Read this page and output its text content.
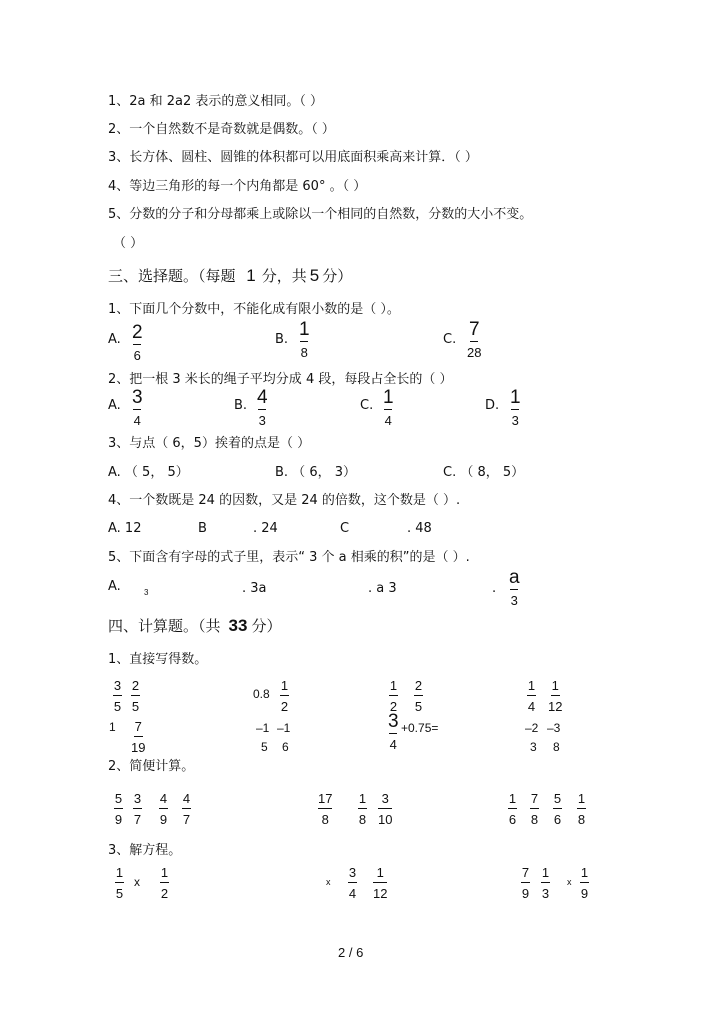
1、2a 和 2a2 表示的意义相同。（ ）
2、一个自然数不是奇数就是偶数。（ ）
3、长方体、圆柱、圆锥的体积都可以用底面积乘高来计算．（ ）
4、等边三角形的每一个内角都是 60° 。（ ）
5、分数的分子和分母都乘上或除以一个相同的自然数，分数的大小不变。
（ ）
三、选择题。（每题 1 分，共 5 分）
1、下面几个分数中，不能化成有限小数的是（ ）。
A. 2
6
B. 1
8
C. 7
28
2、把一根 3 米长的绳子平均分成 4 段，每段占全长的（ ）
A. 3
4
B. 4
3
C. 1
4
D. 1
3
3、与点（ 6，5）挨着的点是（ ）
A. （ 5， 5）	B. （ 6， 3）	C. （ 8， 5）
4、一个数既是 24 的因数，又是 24 的倍数，这个数是（ ）.
A. 12	B	. 24	C	. 48
5、下面含有字母的式子里，表示“ 3 个 a 相乘的积”的是（ ）.
A.	3	. 3a	. a 3	.
a
3
四、计算题。（共 33 分）
1、直接写得数。
3
5
2
5
0.8
1
2
1
2
2
5
1
4
1
12
1 7
19
–1 –1
5 6
3
4
+0.75=	–2 –3
3 8
2、简便计算。
5
9
3
7
4
9
4
7
17
8
1
8
3
10
1
6
7
8
5
6
1
8
3、解方程。
1
5
x
1
2
x
3
4
1
12
7
9
1
3
x
1
9
2 / 6
